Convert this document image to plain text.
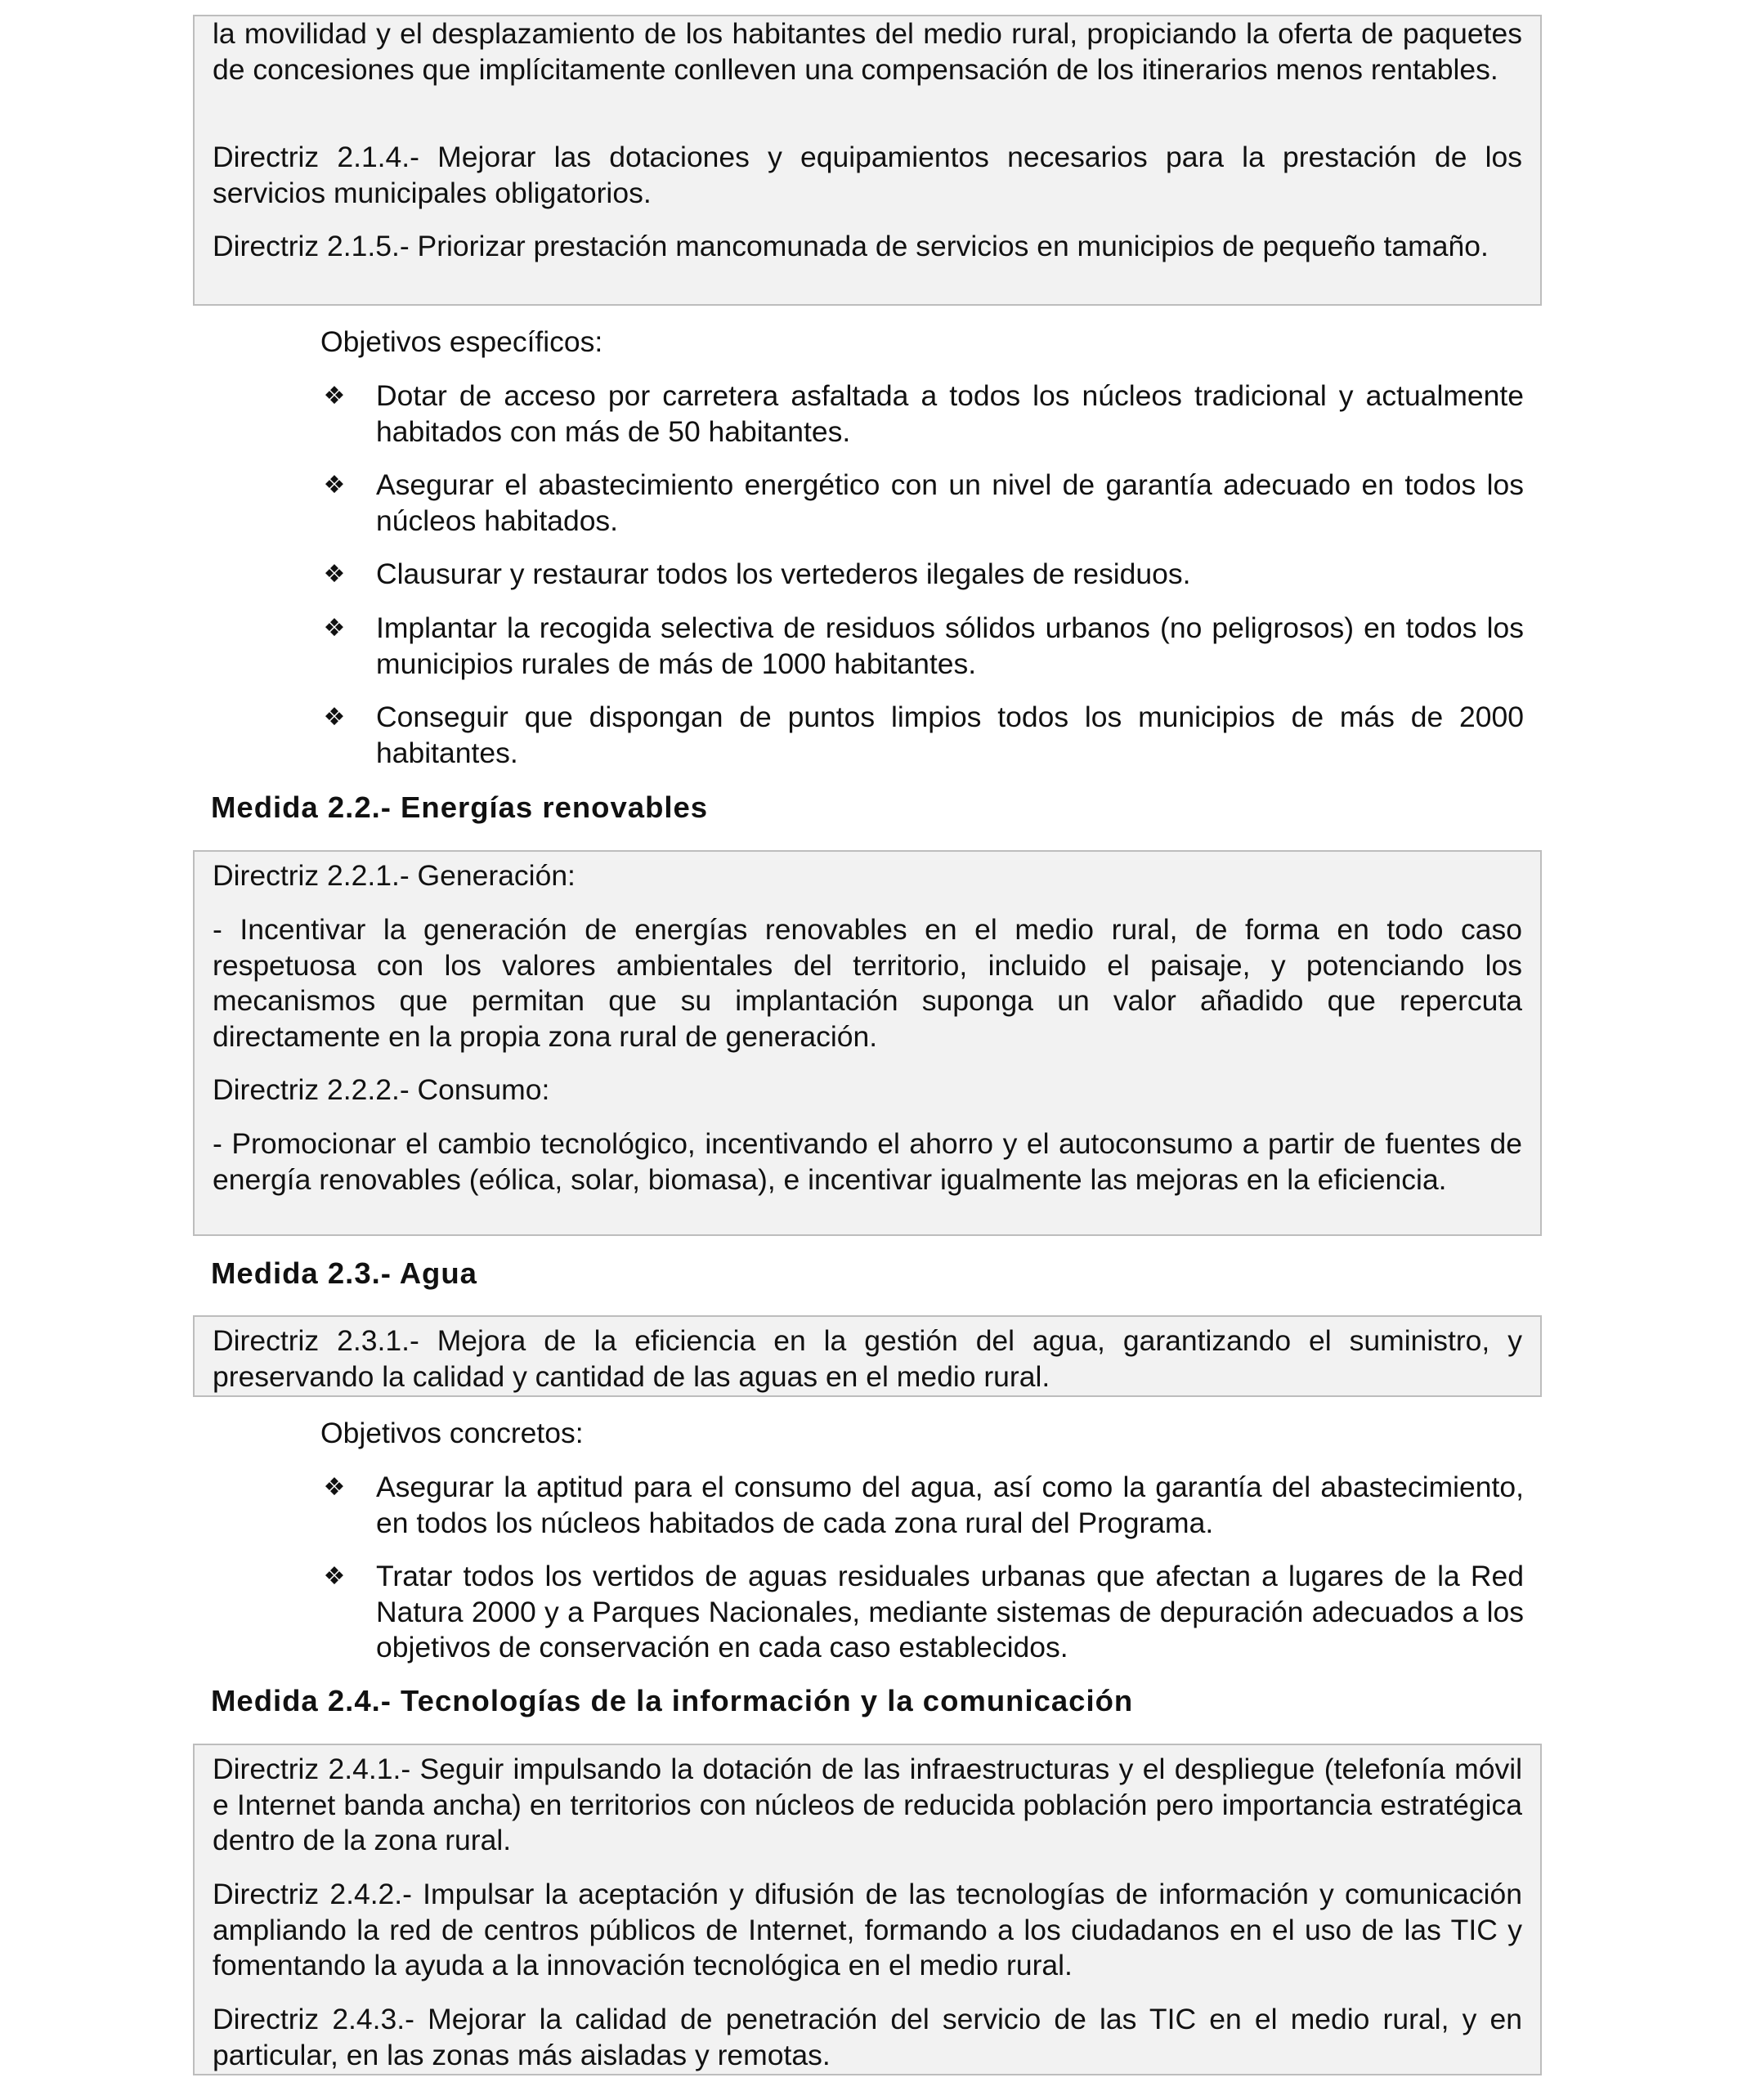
la movilidad y el desplazamiento de los habitantes del medio rural, propiciando la oferta de paquetes de concesiones que implícitamente conlleven una compensación de los itinerarios menos rentables.

Directriz 2.1.4.- Mejorar las dotaciones y equipamientos necesarios para la prestación de los servicios municipales obligatorios.

Directriz 2.1.5.- Priorizar prestación mancomunada de servicios en municipios de pequeño tamaño.

Objetivos específicos:

❖ Dotar de acceso por carretera asfaltada a todos los núcleos tradicional y actualmente habitados con más de 50 habitantes.

❖ Asegurar el abastecimiento energético con un nivel de garantía adecuado en todos los núcleos habitados.

❖ Clausurar y restaurar todos los vertederos ilegales de residuos.

❖ Implantar la recogida selectiva de residuos sólidos urbanos (no peligrosos) en todos los municipios rurales de más de 1000 habitantes.

❖ Conseguir que dispongan de puntos limpios todos los municipios de más de 2000 habitantes.

Medida 2.2.- Energías renovables

Directriz 2.2.1.- Generación:

- Incentivar la generación de energías renovables en el medio rural, de forma en todo caso respetuosa con los valores ambientales del territorio, incluido el paisaje, y potenciando los mecanismos que permitan que su implantación suponga un valor añadido que repercuta directamente en la propia zona rural de generación.

Directriz 2.2.2.- Consumo:

- Promocionar el cambio tecnológico, incentivando el ahorro y el autoconsumo a partir de fuentes de energía renovables (eólica, solar, biomasa), e incentivar igualmente las mejoras en la eficiencia.

Medida 2.3.- Agua

Directriz 2.3.1.- Mejora de la eficiencia en la gestión del agua, garantizando el suministro, y preservando la calidad y cantidad de las aguas en el medio rural.

Objetivos concretos:

❖ Asegurar la aptitud para el consumo del agua, así como la garantía del abastecimiento, en todos los núcleos habitados de cada zona rural del Programa.

❖ Tratar todos los vertidos de aguas residuales urbanas que afectan a lugares de la Red Natura 2000 y a Parques Nacionales, mediante sistemas de depuración adecuados a los objetivos de conservación en cada caso establecidos.

Medida 2.4.- Tecnologías de la información y la comunicación

Directriz 2.4.1.- Seguir impulsando la dotación de las infraestructuras y el despliegue (telefonía móvil e Internet banda ancha) en territorios con núcleos de reducida población pero importancia estratégica dentro de la zona rural.

Directriz 2.4.2.- Impulsar la aceptación y difusión de las tecnologías de información y comunicación ampliando la red de centros públicos de Internet, formando a los ciudadanos en el uso de las TIC y fomentando la ayuda a la innovación tecnológica en el medio rural.

Directriz 2.4.3.- Mejorar la calidad de penetración del servicio de las TIC en el medio rural, y en particular, en las zonas más aisladas y remotas.
